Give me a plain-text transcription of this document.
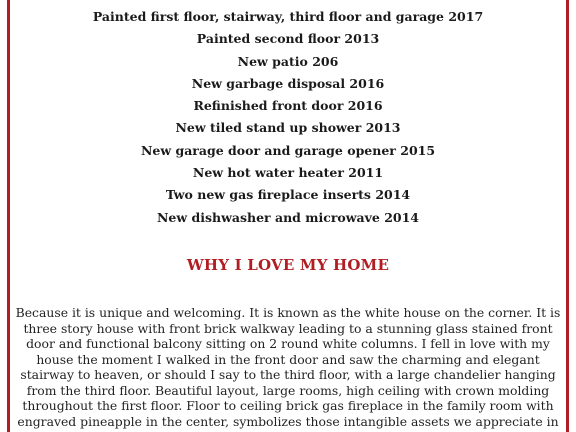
Painted first floor, stairway, third floor and garage 2017
Painted second floor 2013
New patio 206
New garbage disposal 2016
Refinished front door 2016
New tiled stand up shower 2013
New garage door and garage opener 2015
New hot water heater 2011
Two new gas fireplace inserts 2014
New dishwasher and microwave 2014
WHY I LOVE MY HOME

Because it is unique and welcoming. It is known as the white house on the corner. It is three story house with front brick walkway leading to a stunning glass stained front door and functional balcony sitting on 2 round white columns. I fell in love with my house the moment I walked in the front door and saw the charming and elegant stairway to heaven, or should I say to the third floor, with a large chandelier hanging from the third floor. Beautiful layout, large rooms, high ceiling with crown molding throughout the first floor. Floor to ceiling brick gas fireplace in the family room with engraved pineapple in the center, symbolizes those intangible assets we appreciate in
